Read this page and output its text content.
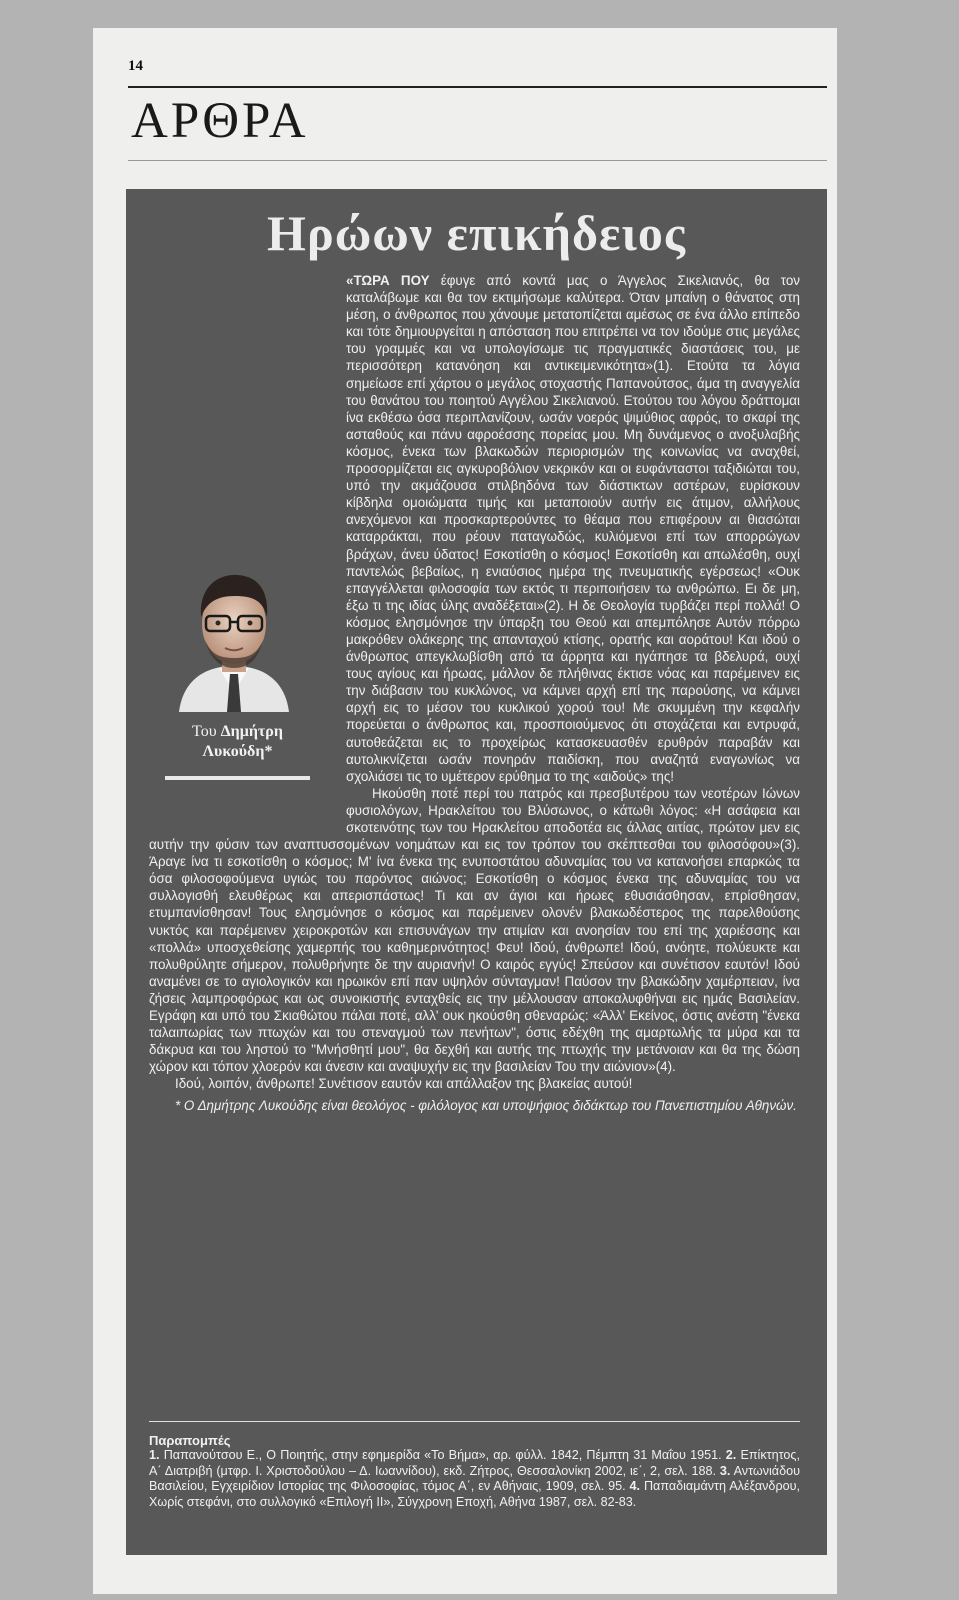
14
ΑΡΘΡΑ
Ηρώων επικήδειος

«ΤΩΡΑ ΠΟΥ
Του Δημήτρη
Λυκούδη*
έφυγε από κοντά μας ο Άγγελος Σικελιανός, θα τον καταλάβωμε και θα τον εκτιμήσωμε καλύτερα. Όταν μπαίνη ο θάνατος στη μέση, ο άνθρωπος που χάνουμε μετατοπίζεται αμέσως σε ένα άλλο επίπεδο και τότε δημιουργείται η απόσταση που επιτρέπει να τον ιδούμε στις μεγάλες του γραμμές και να υπολογίσωμε τις πραγματικές διαστάσεις του, με περισσότερη κατανόηση και αντικειμενικότητα»(1). Ετούτα τα λόγια σημείωσε επί χάρτου ο μεγάλος στοχαστής Παπανούτσος, άμα τη αναγγελία του θανάτου του ποιητού Αγγέλου Σικελιανού. Ετούτου του λόγου δράττομαι ίνα εκθέσω όσα περιπλανίζουν, ωσάν νοερός ψιμύθιος αφρός, το σκαρί της ασταθούς και πάνυ αφροέσσης πορείας μου. Μη δυνάμενος ο ανοξυλαβής κόσμος, ένεκα των βλακωδών περιορισμών της κοινωνίας να αναχθεί, προσορμίζεται εις αγκυροβόλιον νεκρικόν και οι ευφάνταστοι ταξιδιώται του, υπό την ακμάζουσα στιλβηδόνα των διάστικτων αστέρων, ευρίσκουν κίβδηλα ομοιώματα τιμής και μεταποιούν αυτήν εις άτιμον, αλλήλους ανεχόμενοι και προσκαρτερούντες το θέαμα που επιφέρουν αι θιασώται καταρράκται, που ρέουν παταγωδώς, κυλιόμενοι επί των απορρώγων βράχων, άνευ ύδατος! Εσκοτίσθη ο κόσμος! Εσκοτίσθη και απωλέσθη, ουχί παντελώς βεβαίως, η ενιαύσιος ημέρα της πνευματικής εγέρσεως! «Ουκ επαγγέλλεται φιλοσοφία των εκτός τι περιποιήσειν τω ανθρώπω. Ει δε μη, έξω τι της ιδίας ύλης αναδέξεται»(2). Η δε Θεολογία τυρβάζει περί πολλά! Ο κόσμος ελησμόνησε την ύπαρξη του Θεού και απεμπόλησε Αυτόν πόρρω μακρόθεν ολάκερης της απανταχού κτίσης, ορατής και αοράτου! Και ιδού ο άνθρωπος απεγκλωβίσθη από τα άρρητα και ηγάπησε τα βδελυρά, ουχί τους αγίους και ήρωας, μάλλον δε πλήθινας έκτισε νόας και παρέμεινεν εις την διάβασιν του κυκλώνος, να κάμνει αρχή επί της παρούσης, να κάμνει αρχή εις το μέσον του κυκλικού χορού του! Με σκυμμένη την κεφαλήν πορεύεται ο άνθρωπος και, προσποιούμενος ότι στοχάζεται και εντρυφά, αυτοθεάζεται εις το προχείρως κατασκευασθέν ερυθρόν παραβάν και αυτολικνίζεται ωσάν πονηράν παιδίσκη, που αναζητά εναγωνίως να σχολιάσει τις το υμέτερον ερύθημα το της «αιδούς» της!

Ηκούσθη ποτέ περί του πατρός και πρεσβυτέρου των νεοτέρων Ιώνων φυσιολόγων, Ηρακλείτου του Βλύσωνος, ο κάτωθι λόγος: «Η ασάφεια και σκοτεινότης των του Ηρακλείτου αποδοτέα εις άλλας αιτίας, πρώτον μεν εις αυτήν την φύσιν των αναπτυσσομένων νοημάτων και εις τον τρόπον του σκέπτεσθαι του φιλοσόφου»(3). Άραγε ίνα τι εσκοτίσθη ο κόσμος; Μ' ίνα ένεκα της ενυποστάτου αδυναμίας του να κατανοήσει επαρκώς τα όσα φιλοσοφούμενα υγιώς του παρόντος αιώνος; Εσκοτίσθη ο κόσμος ένεκα της αδυναμίας του να συλλογισθή ελευθέρως και απερισπάστως! Τι και αν άγιοι και ήρωες εθυσιάσθησαν, επρίσθησαν, ετυμπανίσθησαν! Τους ελησμόνησε ο κόσμος και παρέμεινεν ολονέν βλακωδέστερος της παρελθούσης νυκτός και παρέμεινεν χειροκροτών και επισυνάγων την ατιμίαν και ανοησίαν του επί της χαριέσσης και «πολλά» υποσχεθείσης χαμερπής του καθημερινότητος! Φευ! Ιδού, άνθρωπε! Ιδού, ανόητε, πολύευκτε και πολυθρύλητε σήμερον, πολυθρήνητε δε την αυριανήν! Ο καιρός εγγύς! Σπεύσον και συνέτισον εαυτόν! Ιδού αναμένει σε το αγιολογικόν και ηρωικόν επί παν υψηλόν σύνταγμαν! Παύσον την βλακώδην χαμέρπειαν, ίνα ζήσεις λαμπροφόρως και ως συνοικιστής ενταχθείς εις την μέλλουσαν αποκαλυφθήναι εις ημάς Βασιλείαν. Εγράφη και υπό του Σκιαθώτου πάλαι ποτέ, αλλ' ουκ ηκούσθη σθεναρώς: «Άλλ' Εκείνος, όστις ανέστη "ένεκα ταλαιπωρίας των πτωχών και του στεναγμού των πενήτων", όστις εδέχθη της αμαρτωλής τα μύρα και τα δάκρυα και του ληστού το "Μνήσθητί μου", θα δεχθή και αυτής της πτωχής την μετάνοιαν και θα της δώση χώρον και τόπον χλοερόν και άνεσιν και αναψυχήν εις την βασιλείαν Του την αιώνιον»(4).

Ιδού, λοιπόν, άνθρωπε! Συνέτισον εαυτόν και απάλλαξον της βλακείας αυτού!

* Ο Δημήτρης Λυκούδης είναι θεολόγος - φιλόλογος και υποψήφιος διδάκτωρ του Πανεπιστημίου Αθηνών.

Παραπομπές
1. Παπανούτσου Ε., Ο Ποιητής, στην εφημερίδα «Το Βήμα», αρ. φύλλ. 1842, Πέμπτη 31 Μαΐου 1951. 2. Επίκτητος, Α΄ Διατριβή (μτφρ. Ι. Χριστοδούλου – Δ. Ιωαννίδου), εκδ. Ζήτρος, Θεσσαλονίκη 2002, ιε΄, 2, σελ. 188. 3. Αντωνιάδου Βασιλείου, Εγχειρίδιον Ιστορίας της Φιλοσοφίας, τόμος Α΄, εν Αθήναις, 1909, σελ. 95. 4. Παπαδιαμάντη Αλέξανδρου, Χωρίς στεφάνι, στο συλλογικό «Επιλογή II», Σύγχρονη Εποχή, Αθήνα 1987, σελ. 82-83.
